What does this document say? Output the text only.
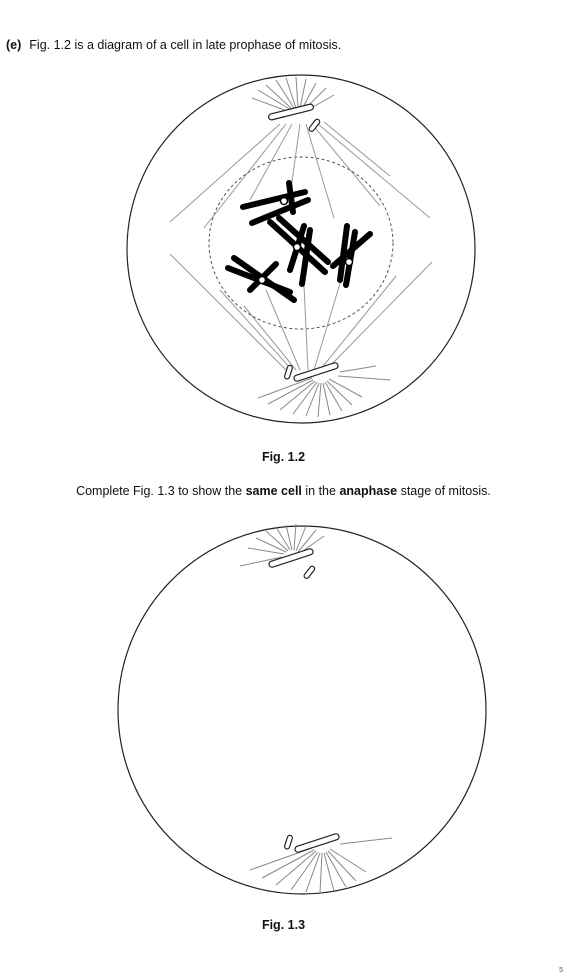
(e) Fig. 1.2 is a diagram of a cell in late prophase of mitosis.
Fig. 1.2
Complete Fig. 1.3 to show the same cell in the anaphase stage of mitosis.
Fig. 1.3
5
